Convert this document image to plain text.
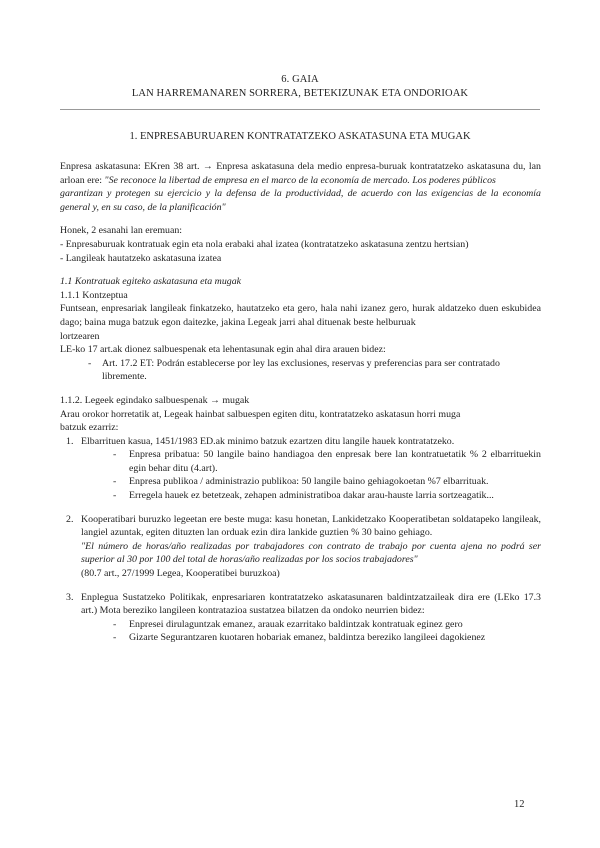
6. GAIA
LAN HARREMANAREN SORRERA, BETEKIZUNAK ETA ONDORIOAK
1. ENPRESABURUAREN KONTRATATZEKO ASKATASUNA ETA MUGAK

Enpresa askatasuna: EKren 38 art. → Enpresa askatasuna dela medio enpresa-buruak kontratatzeko askatasuna du, lan arloan ere: "Se reconoce la libertad de empresa en el marco de la economía de mercado. Los poderes públicos

garantizan y protegen su ejercicio y la defensa de la productividad, de acuerdo con las exigencias de la economía general y, en su caso, de la planificación"

Honek, 2 esanahi lan eremuan:

- Enpresaburuak kontratuak egin eta nola erabaki ahal izatea (kontratatzeko askatasuna zentzu hertsian)

- Langileak hautatzeko askatasuna izatea

1.1 Kontratuak egiteko askatasuna eta mugak

1.1.1 Kontzeptua

Funtsean, enpresariak langileak finkatzeko, hautatzeko eta gero, hala nahi izanez gero, hurak aldatzeko duen eskubidea dago; baina muga batzuk egon daitezke, jakina Legeak jarri ahal dituenak beste helburuak

lortzearen

LE-ko 17 art.ak dionez salbuespenak eta lehentasunak egin ahal dira arauen bidez:

- Art. 17.2 ET: Podrán establecerse por ley las exclusiones, reservas y preferencias para ser contratado libremente.

1.1.2. Legeek egindako salbuespenak → mugak

Arau orokor horretatik at, Legeak hainbat salbuespen egiten ditu, kontratatzeko askatasun horri muga

batzuk ezarriz:

1. Elbarrituen kasua, 1451/1983 ED.ak minimo batzuk ezartzen ditu langile hauek kontratatzeko.

- Enpresa pribatua: 50 langile baino handiagoa den enpresak bere lan kontratuetatik % 2 elbarrituekin egin behar ditu (4.art).
- Enpresa publikoa / administrazio publikoa: 50 langile baino gehiagokoetan %7 elbarrituak.
- Erregela hauek ez betetzeak, zehapen administratiboa dakar arau-hauste larria sortzeagatik...
2. Kooperatibari buruzko legeetan ere beste muga: kasu honetan, Lankidetzako Kooperatibetan soldatapeko langileak, langiel azuntak, egiten dituzten lan orduak ezin dira lankide guztien % 30 baino gehiago.

"El número de horas/año realizadas por trabajadores con contrato de trabajo por cuenta ajena no podrá ser superior al 30 por 100 del total de horas/año realizadas por los socios trabajadores"

(80.7 art., 27/1999 Legea, Kooperatibei buruzkoa)

3. Enplegua Sustatzeko Politikak, enpresariaren kontratatzeko askatasunaren baldintzatzaileak dira ere (LEko 17.3 art.) Mota bereziko langileen kontratazioa sustatzea bilatzen da ondoko neurrien bidez:

- Enpresei dirulaguntzak emanez, arauak ezarritako baldintzak kontratuak eginez gero
- Gizarte Segurantzaren kuotaren hobariak emanez, baldintza bereziko langileei dagokienez
12
